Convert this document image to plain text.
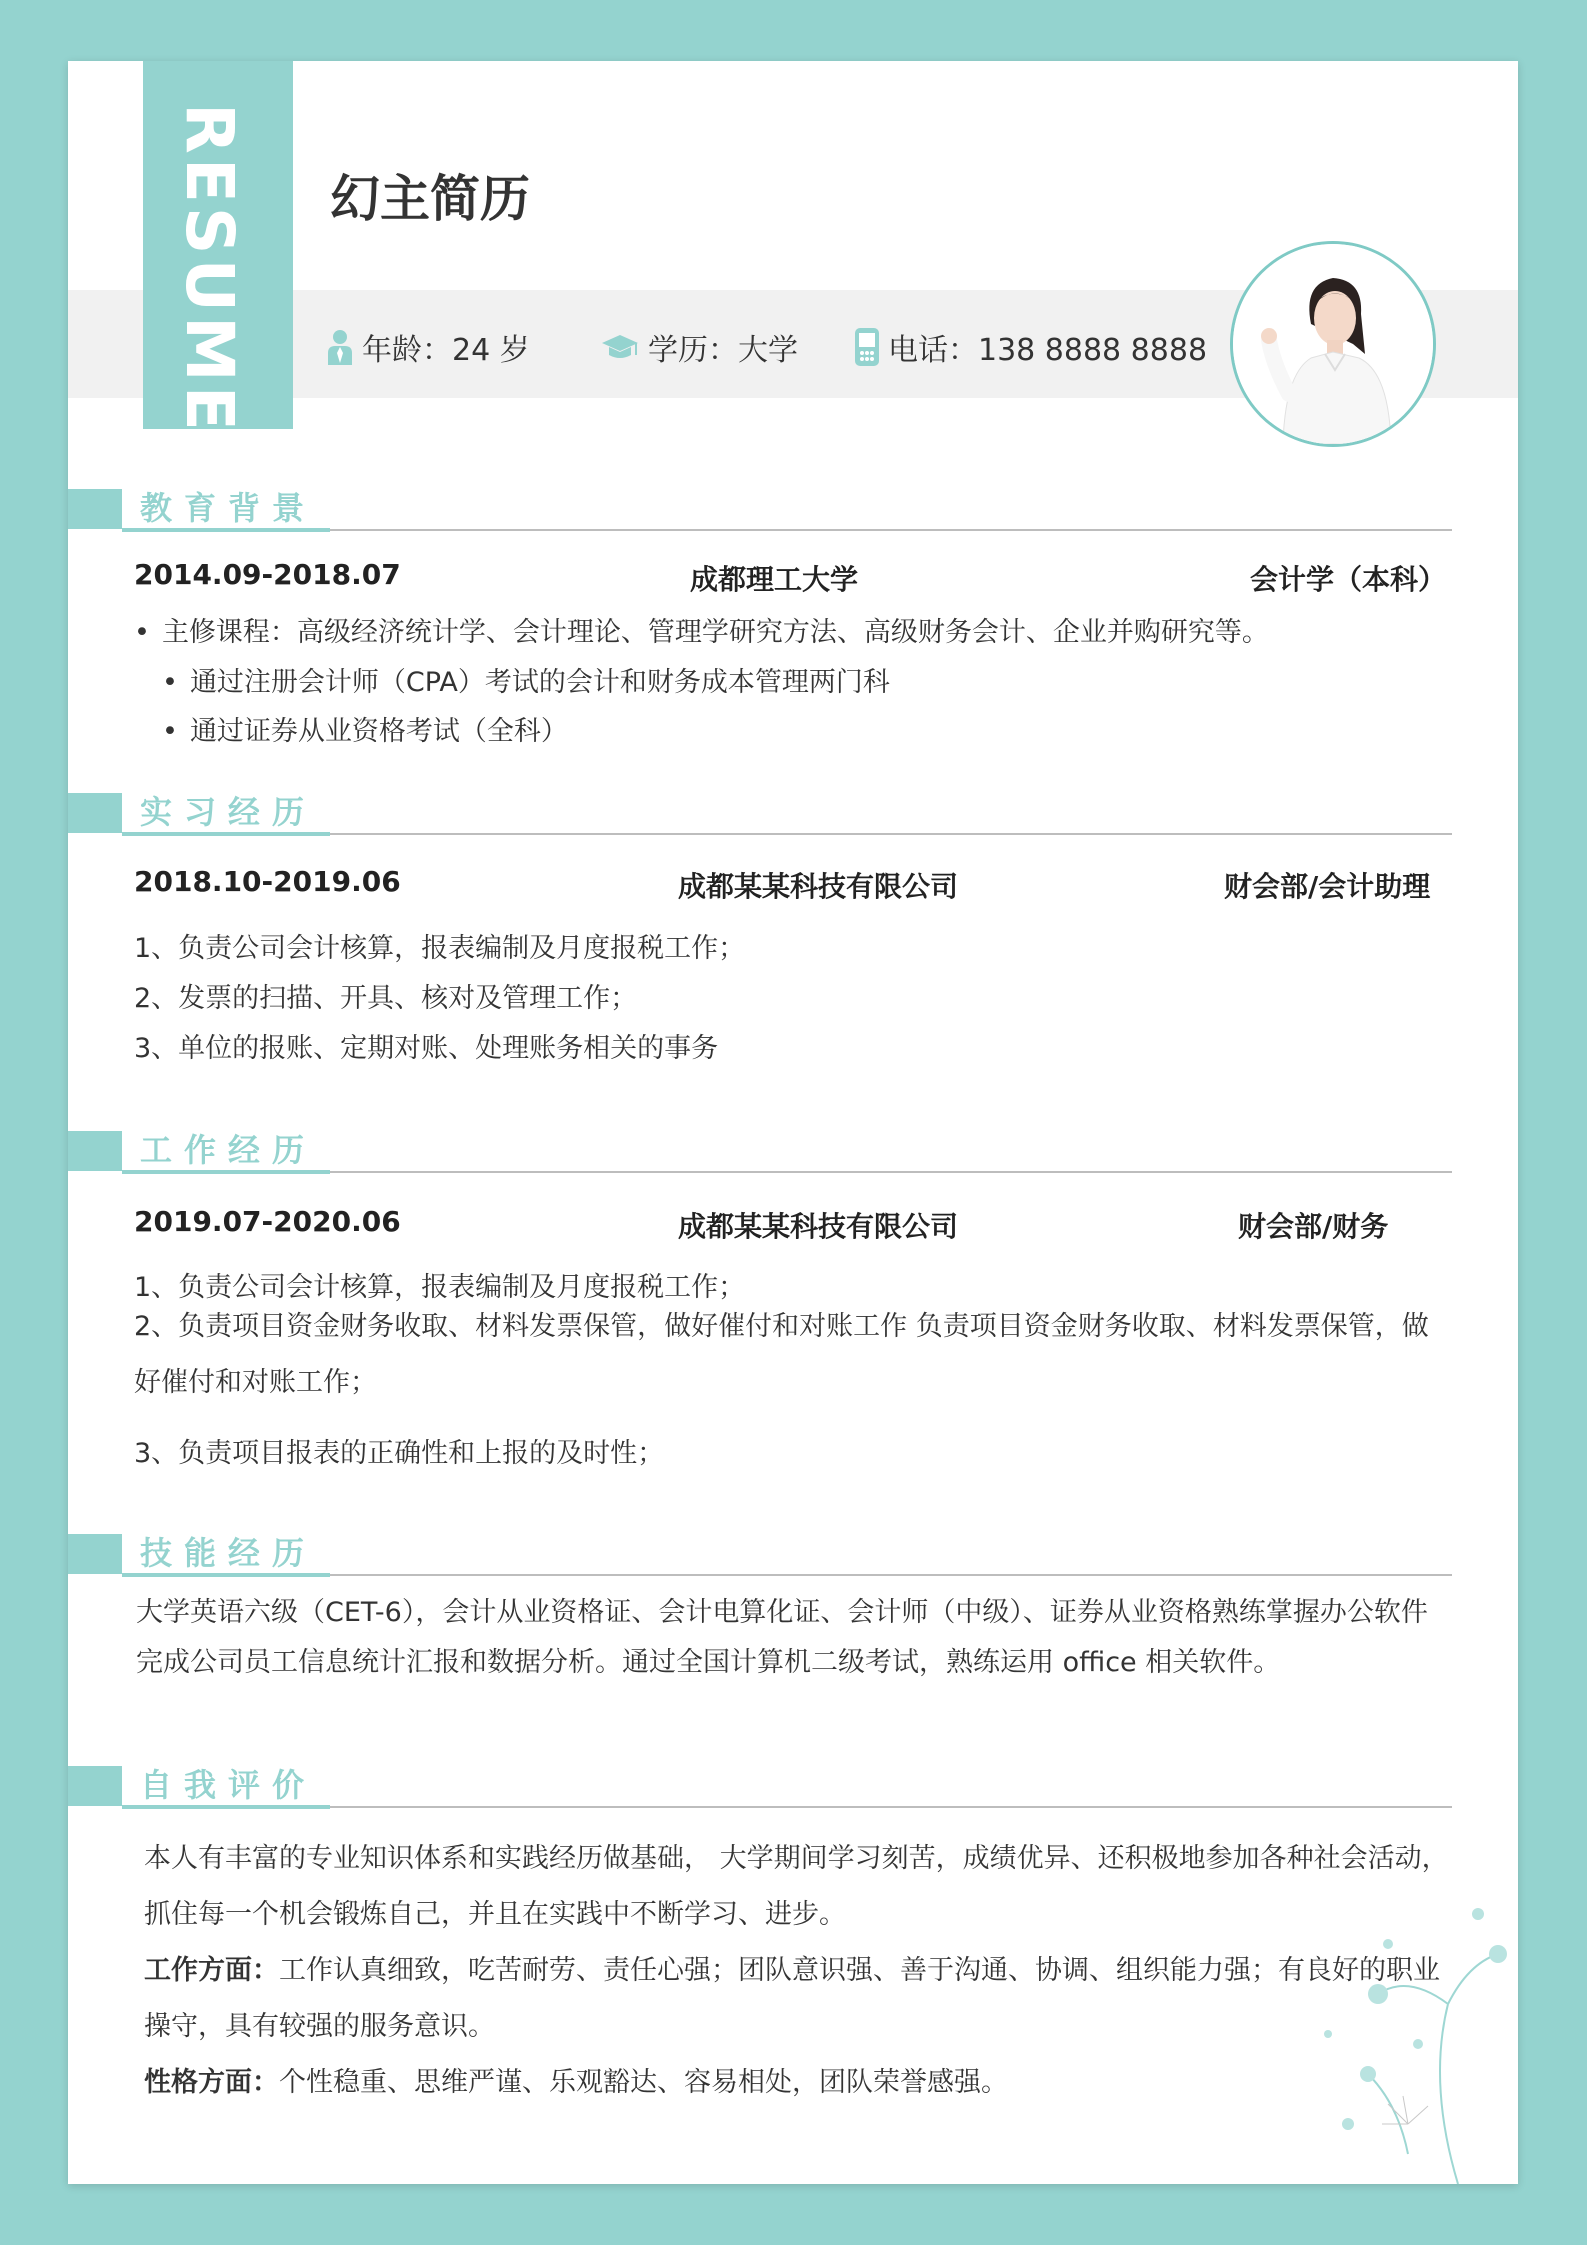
RESUME 幻主简历
年龄：24 岁	学历：大学	电话：138 8888 8888
教育背景
2014.09-2018.07	成都理工大学	会计学（本科）
• 主修课程：高级经济统计学、会计理论、管理学研究方法、高级财务会计、企业并购研究等。
• 通过注册会计师（CPA）考试的会计和财务成本管理两门科
• 通过证券从业资格考试（全科）
实习经历
2018.10-2019.06	成都某某科技有限公司	财会部/会计助理
1、负责公司会计核算，报表编制及月度报税工作；
2、发票的扫描、开具、核对及管理工作；
3、单位的报账、定期对账、处理账务相关的事务
工作经历
2019.07-2020.06	成都某某科技有限公司	财会部/财务
1、负责公司会计核算，报表编制及月度报税工作；
2、负责项目资金财务收取、材料发票保管，做好催付和对账工作 负责项目资金财务收取、材料发票保管，做好催付和对账工作；
3、负责项目报表的正确性和上报的及时性；
技能经历
大学英语六级（CET-6），会计从业资格证、会计电算化证、会计师（中级）、证券从业资格熟练掌握办公软件完成公司员工信息统计汇报和数据分析。通过全国计算机二级考试，熟练运用 office 相关软件。
自我评价
本人有丰富的专业知识体系和实践经历做基础， 大学期间学习刻苦，成绩优异、还积极地参加各种社会活动，抓住每一个机会锻炼自己，并且在实践中不断学习、进步。
工作方面：工作认真细致，吃苦耐劳、责任心强；团队意识强、善于沟通、协调、组织能力强；有良好的职业操守，具有较强的服务意识。
性格方面：个性稳重、思维严谨、乐观豁达、容易相处，团队荣誉感强。
